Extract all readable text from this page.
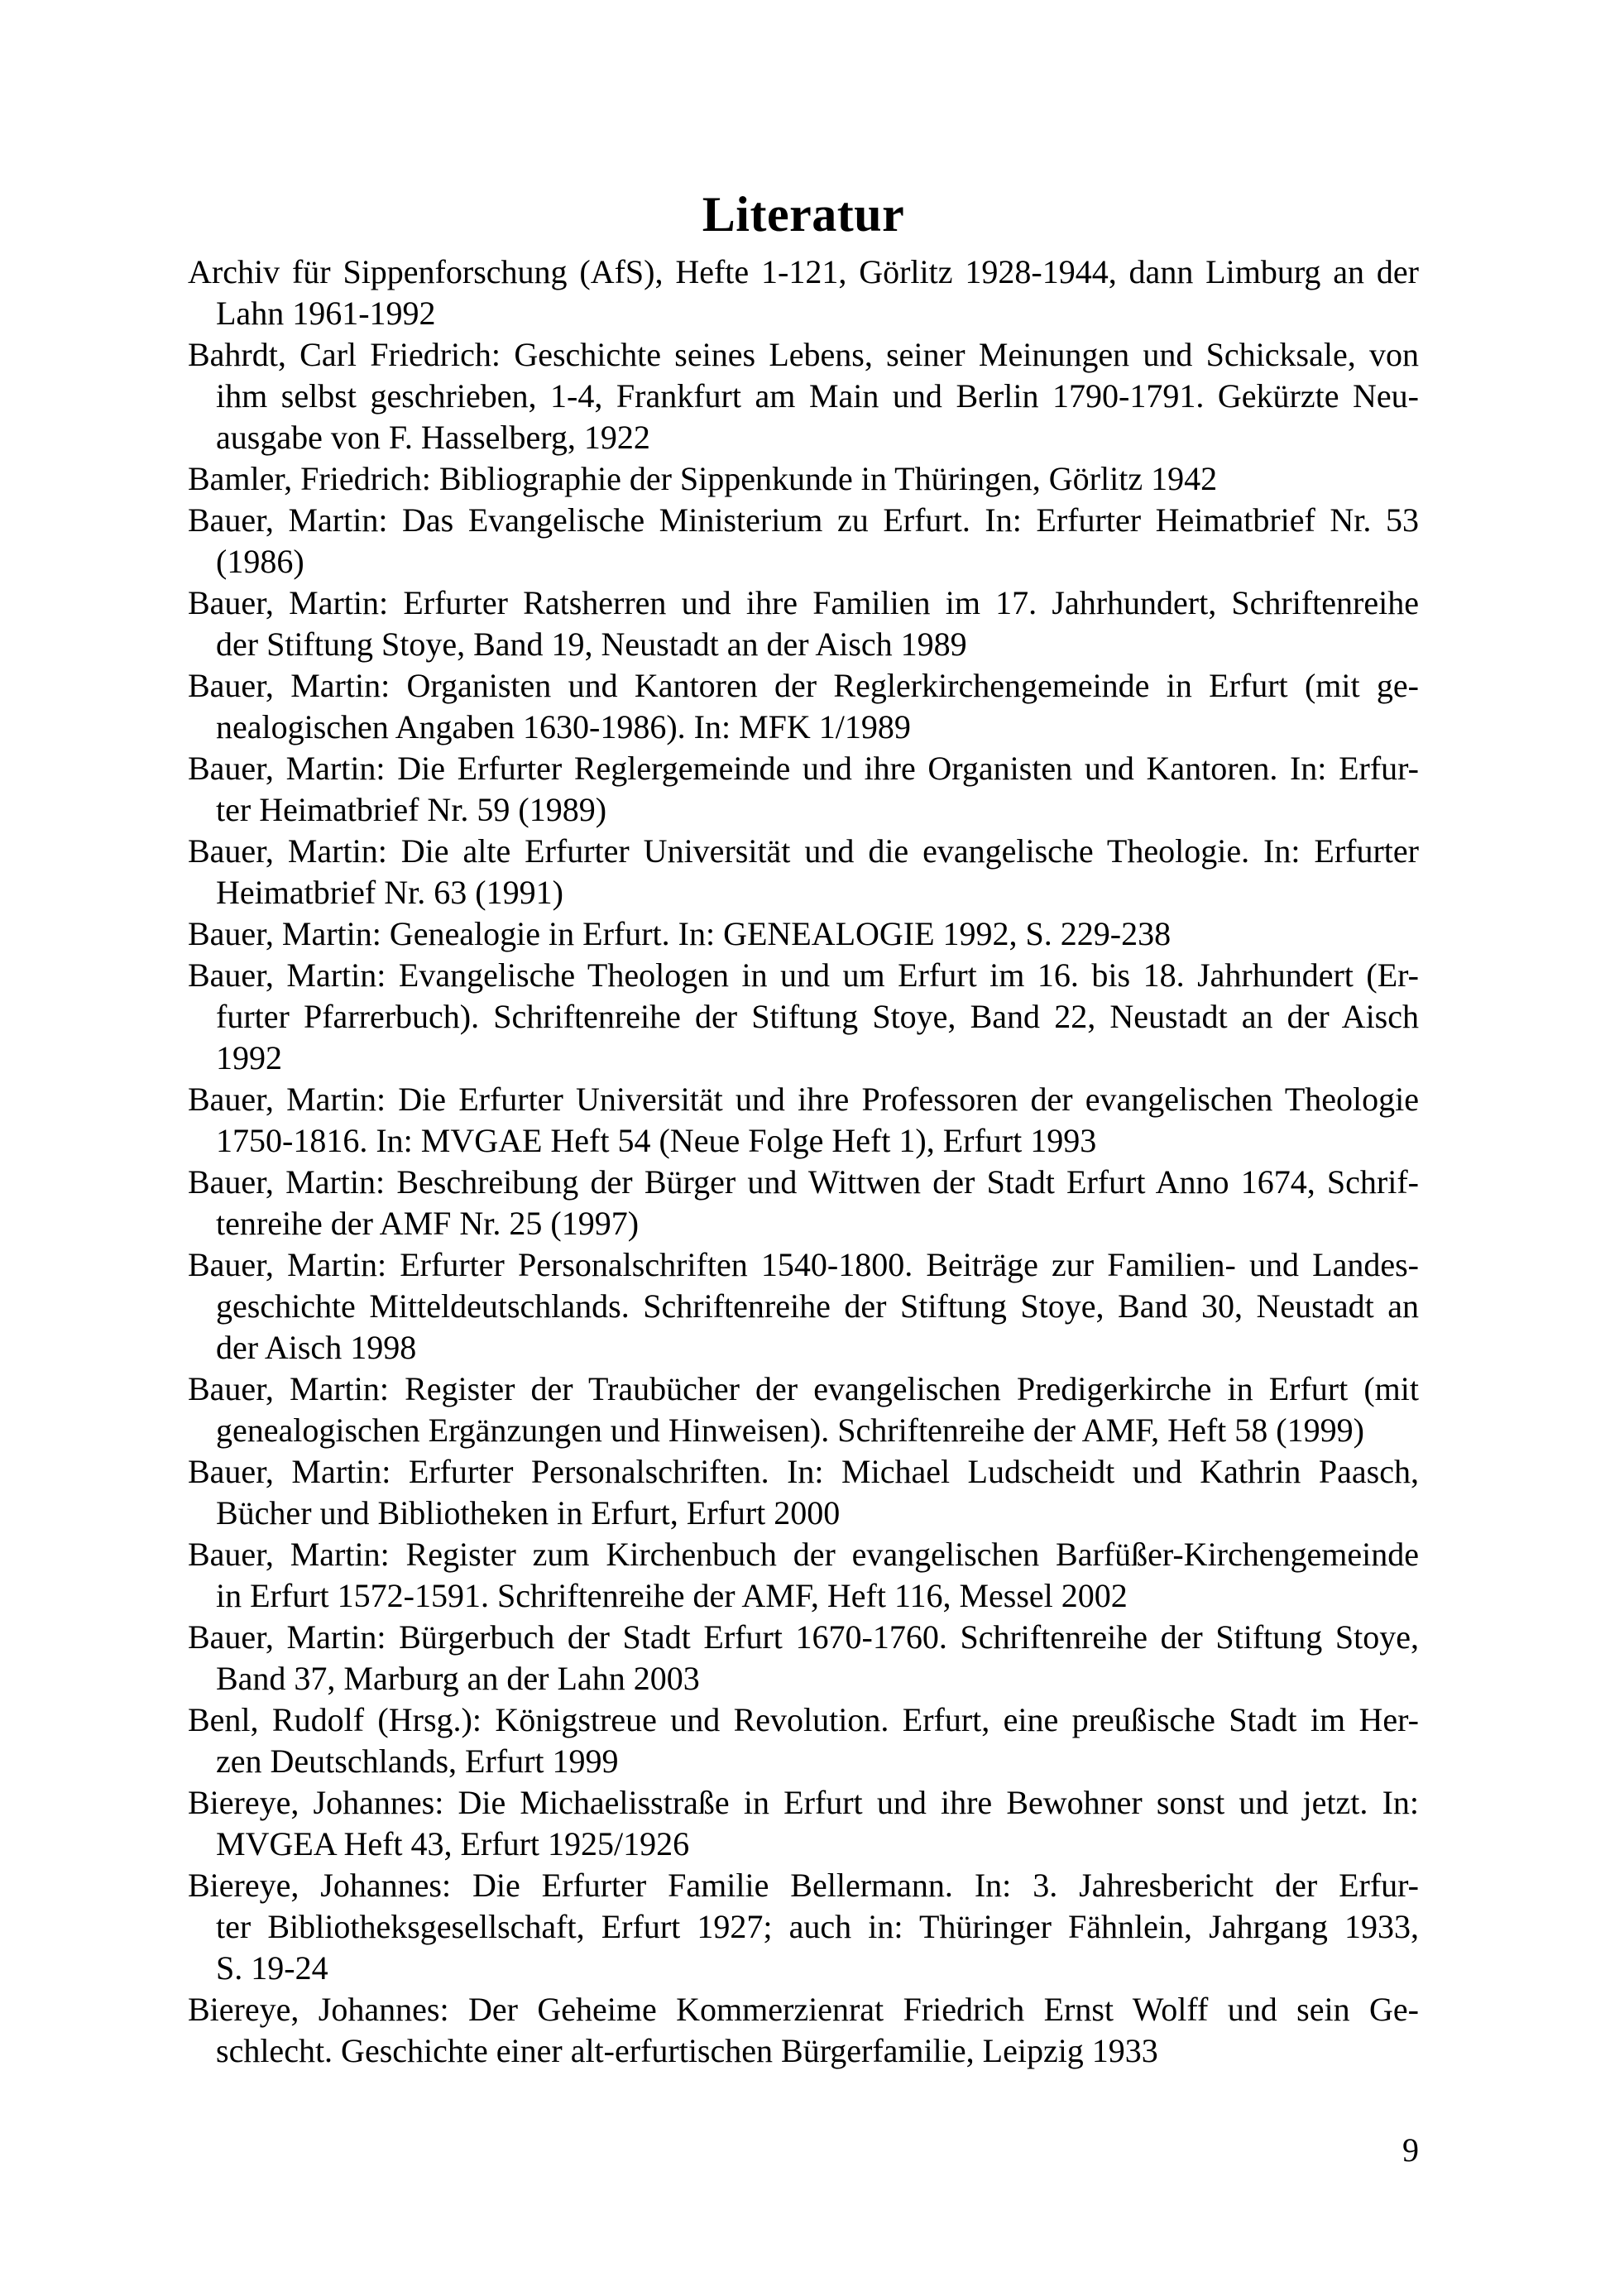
Literatur
Archiv für Sippenforschung (AfS), Hefte 1-121, Görlitz 1928-1944, dann Limburg an der
Lahn 1961-1992
Bahrdt, Carl Friedrich: Geschichte seines Lebens, seiner Meinungen und Schicksale, von
ihm selbst geschrieben, 1-4, Frankfurt am Main und Berlin 1790-1791. Gekürzte Neu-
ausgabe von F. Hasselberg, 1922
Bamler, Friedrich: Bibliographie der Sippenkunde in Thüringen, Görlitz 1942
Bauer, Martin: Das Evangelische Ministerium zu Erfurt. In: Erfurter Heimatbrief Nr. 53
(1986)
Bauer, Martin: Erfurter Ratsherren und ihre Familien im 17. Jahrhundert, Schriftenreihe
der Stiftung Stoye, Band 19, Neustadt an der Aisch 1989
Bauer, Martin: Organisten und Kantoren der Reglerkirchengemeinde in Erfurt (mit ge-
nealogischen Angaben 1630-1986). In: MFK 1/1989
Bauer, Martin: Die Erfurter Reglergemeinde und ihre Organisten und Kantoren. In: Erfur-
ter Heimatbrief Nr. 59 (1989)
Bauer, Martin: Die alte Erfurter Universität und die evangelische Theologie. In: Erfurter
Heimatbrief Nr. 63 (1991)
Bauer, Martin: Genealogie in Erfurt. In: GENEALOGIE 1992, S. 229-238
Bauer, Martin: Evangelische Theologen in und um Erfurt im 16. bis 18. Jahrhundert (Er-
furter Pfarrerbuch). Schriftenreihe der Stiftung Stoye, Band 22, Neustadt an der Aisch
1992
Bauer, Martin: Die Erfurter Universität und ihre Professoren der evangelischen Theologie
1750-1816. In: MVGAE Heft 54 (Neue Folge Heft 1), Erfurt 1993
Bauer, Martin: Beschreibung der Bürger und Wittwen der Stadt Erfurt Anno 1674, Schrif-
tenreihe der AMF Nr. 25 (1997)
Bauer, Martin: Erfurter Personalschriften 1540-1800. Beiträge zur Familien- und Landes-
geschichte Mitteldeutschlands. Schriftenreihe der Stiftung Stoye, Band 30, Neustadt an
der Aisch 1998
Bauer, Martin: Register der Traubücher der evangelischen Predigerkirche in Erfurt (mit
genealogischen Ergänzungen und Hinweisen). Schriftenreihe der AMF, Heft 58 (1999)
Bauer, Martin: Erfurter Personalschriften. In: Michael Ludscheidt und Kathrin Paasch,
Bücher und Bibliotheken in Erfurt, Erfurt 2000
Bauer, Martin: Register zum Kirchenbuch der evangelischen Barfüßer-Kirchengemeinde
in Erfurt 1572-1591. Schriftenreihe der AMF, Heft 116, Messel 2002
Bauer, Martin: Bürgerbuch der Stadt Erfurt 1670-1760. Schriftenreihe der Stiftung Stoye,
Band 37, Marburg an der Lahn 2003
Benl, Rudolf (Hrsg.): Königstreue und Revolution. Erfurt, eine preußische Stadt im Her-
zen Deutschlands, Erfurt 1999
Biereye, Johannes: Die Michaelisstraße in Erfurt und ihre Bewohner sonst und jetzt. In:
MVGEA Heft 43, Erfurt 1925/1926
Biereye, Johannes: Die Erfurter Familie Bellermann. In: 3. Jahresbericht der Erfur-
ter Bibliotheksgesellschaft, Erfurt 1927; auch in: Thüringer Fähnlein, Jahrgang 1933,
S. 19-24
Biereye, Johannes: Der Geheime Kommerzienrat Friedrich Ernst Wolff und sein Ge-
schlecht. Geschichte einer alt-erfurtischen Bürgerfamilie, Leipzig 1933
9
